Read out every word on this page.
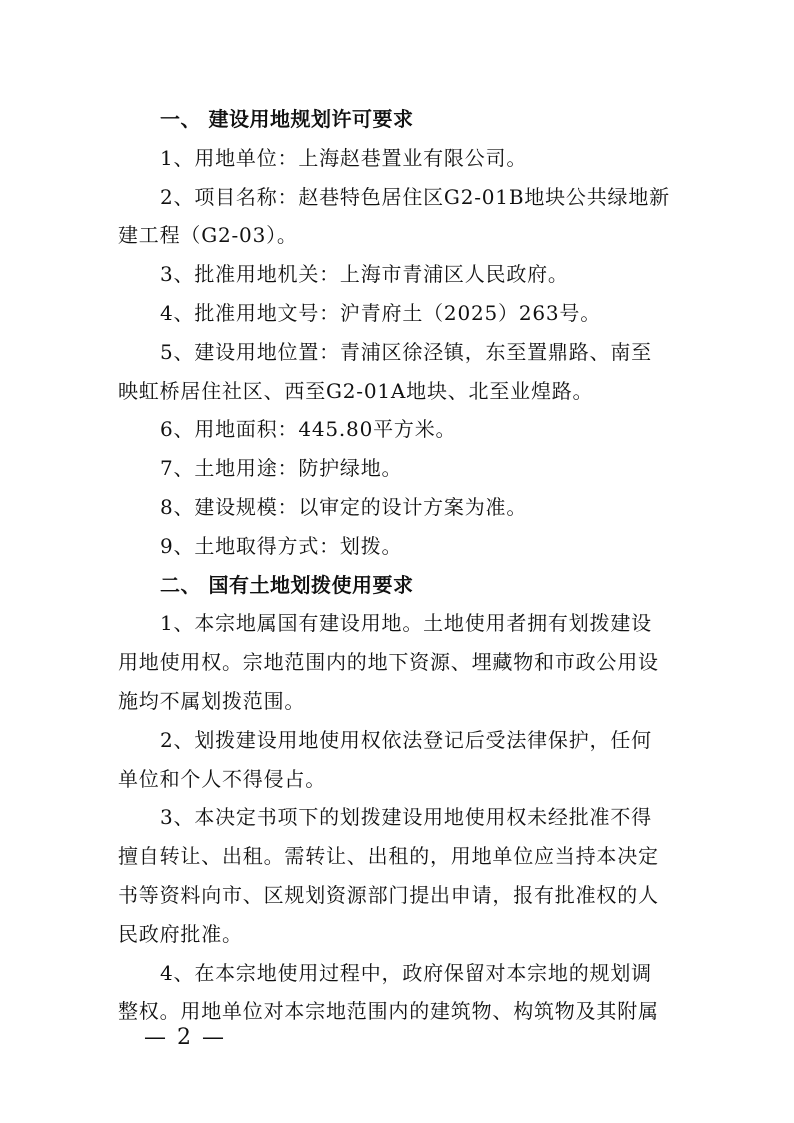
一、 建设用地规划许可要求
1、用地单位：上海赵巷置业有限公司。
2、项目名称：赵巷特色居住区G2-01B地块公共绿地新
建工程（G2-03）。
3、批准用地机关：上海市青浦区人民政府。
4、批准用地文号：沪青府土（2025）263号。
5、建设用地位置：青浦区徐泾镇，东至置鼎路、南至
映虹桥居住社区、西至G2-01A地块、北至业煌路。
6、用地面积：445.80平方米。
7、土地用途：防护绿地。
8、建设规模：以审定的设计方案为准。
9、土地取得方式：划拨。
二、 国有土地划拨使用要求
1、本宗地属国有建设用地。土地使用者拥有划拨建设
用地使用权。宗地范围内的地下资源、埋藏物和市政公用设
施均不属划拨范围。
2、划拨建设用地使用权依法登记后受法律保护，任何
单位和个人不得侵占。
3、本决定书项下的划拨建设用地使用权未经批准不得
擅自转让、出租。需转让、出租的，用地单位应当持本决定
书等资料向市、区规划资源部门提出申请，报有批准权的人
民政府批准。
4、在本宗地使用过程中，政府保留对本宗地的规划调
整权。用地单位对本宗地范围内的建筑物、构筑物及其附属
— 2 —
